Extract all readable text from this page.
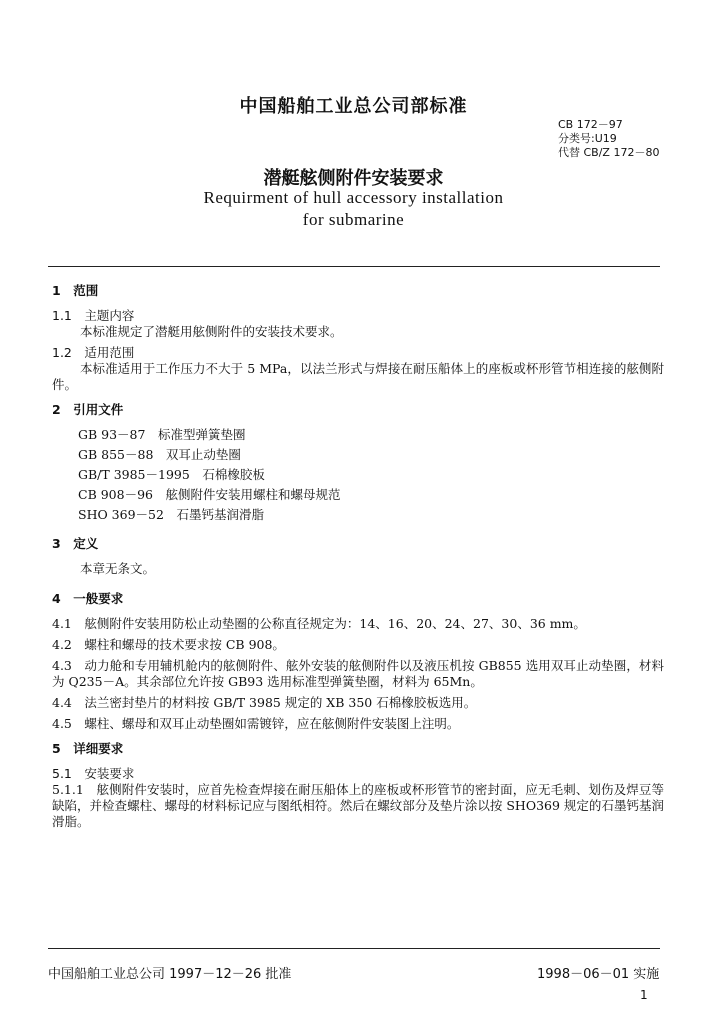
中国船舶工业总公司部标准
CB 172－97
分类号:U19
代替 CB/Z 172－80
潜艇舷侧附件安装要求
Requirment of hull accessory installation
for submarine
1　范围
1.1　主题内容
本标准规定了潜艇用舷侧附件的安装技术要求。
1.2　适用范围
本标准适用于工作压力不大于 5 MPa，以法兰形式与焊接在耐压船体上的座板或杯形管节相连接的舷侧附件。
2　引用文件
GB 93－87　标准型弹簧垫圈
GB 855－88　双耳止动垫圈
GB/T 3985－1995　石棉橡胶板
CB 908－96　舷侧附件安装用螺柱和螺母规范
SHO 369－52　石墨钙基润滑脂
3　定义
本章无条文。
4　一般要求
4.1　舷侧附件安装用防松止动垫圈的公称直径规定为：14、16、20、24、27、30、36 mm。
4.2　螺柱和螺母的技术要求按 CB 908。
4.3　动力舱和专用辅机舱内的舷侧附件、舷外安装的舷侧附件以及液压机按 GB855 选用双耳止动垫圈，材料为 Q235－A。其余部位允许按 GB93 选用标准型弹簧垫圈，材料为 65Mn。
4.4　法兰密封垫片的材料按 GB/T 3985 规定的 XB 350 石棉橡胶板选用。
4.5　螺柱、螺母和双耳止动垫圈如需镀锌，应在舷侧附件安装图上注明。
5　详细要求
5.1　安装要求
5.1.1　舷侧附件安装时，应首先检查焊接在耐压船体上的座板或杯形管节的密封面，应无毛刺、划伤及焊豆等缺陷，并检查螺柱、螺母的材料标记应与图纸相符。然后在螺纹部分及垫片涂以按 SHO369 规定的石墨钙基润滑脂。
中国船舶工业总公司 1997－12－26 批准	1998－06－01 实施
1
